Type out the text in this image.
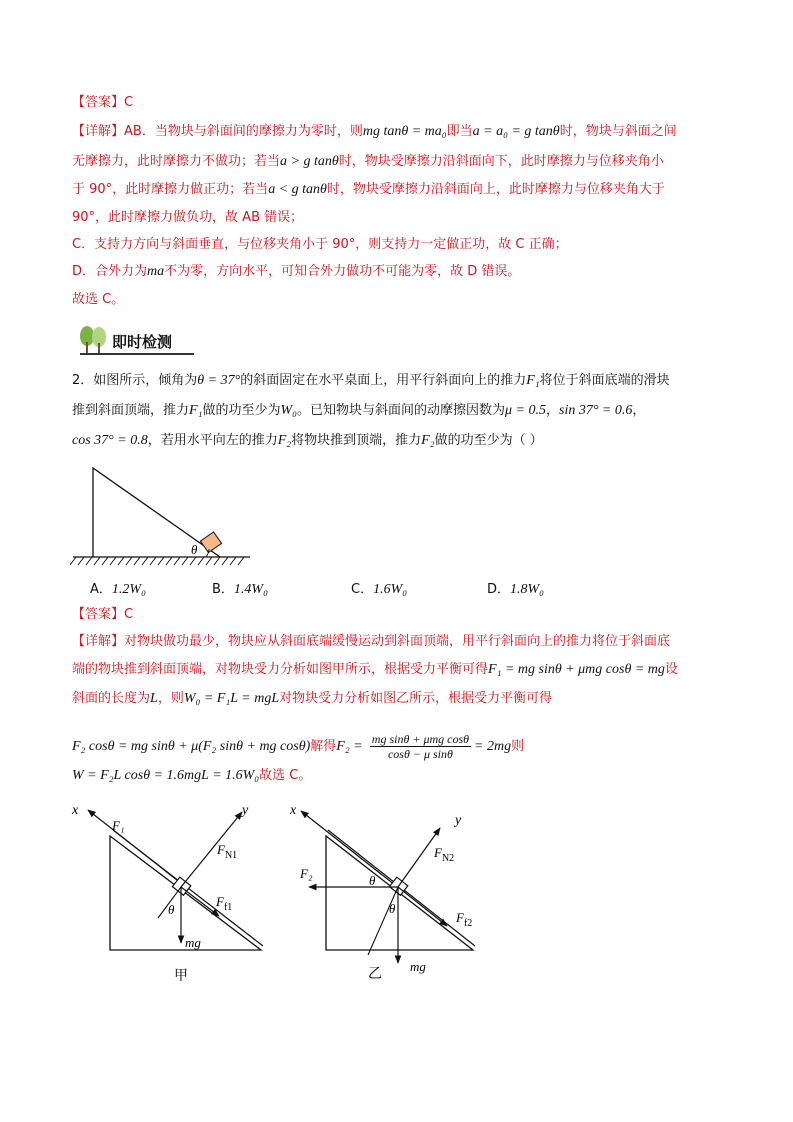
【答案】C
【详解】AB．当物块与斜面间的摩擦力为零时，则mg tanθ = ma₀即当a = a₀ = g tanθ时，物块与斜面之间
无摩擦力，此时摩擦力不做功；若当a > g tanθ时，物块受摩擦力沿斜面向下，此时摩擦力与位移夹角小
于 90°，此时摩擦力做正功；若当a < g tanθ时，物块受摩擦力沿斜面向上，此时摩擦力与位移夹角大于
90°，此时摩擦力做负功，故 AB 错误；
C．支持力方向与斜面垂直，与位移夹角小于 90°，则支持力一定做正功，故 C 正确；
D．合外力为ma不为零，方向水平，可知合外力做功不可能为零，故 D 错误。
故选 C。
即时检测
2．如图所示，倾角为θ = 37°的斜面固定在水平桌面上，用平行斜面向上的推力F₁将位于斜面底端的滑块
推到斜面顶端，推力F₁做的功至少为W₀。已知物块与斜面间的动摩擦因数为μ = 0.5，sin 37° = 0.6，
cos 37° = 0.8，若用水平向左的推力F₂将物块推到顶端，推力F₂做的功至少为（ ）
θ
A．1.2W₀	B．1.4W₀	C．1.6W₀	D．1.8W₀
【答案】C
【详解】对物块做功最少，物块应从斜面底端缓慢运动到斜面顶端，用平行斜面向上的推力将位于斜面底
端的物块推到斜面顶端，对物块受力分析如图甲所示，根据受力平衡可得F₁ = mg sinθ + μmg cosθ = mg设
斜面的长度为L，则W₀ = F₁L = mgL对物块受力分析如图乙所示，根据受力平衡可得
F₂ cosθ = mg sinθ + μ(F₂ sinθ + mg cosθ)解得F₂ = mg sinθ + μmg cosθ
cosθ − μ sinθ	= 2mg则
W = F₂L cosθ = 1.6mgL = 1.6W₀故选 C。
x	y
F₁
$F_{N1}$
$F_{f1}$
θ
mg
甲
x
y
F₂
$F_{N2}$
$F_{f2}$
θ
θ
mg
乙
